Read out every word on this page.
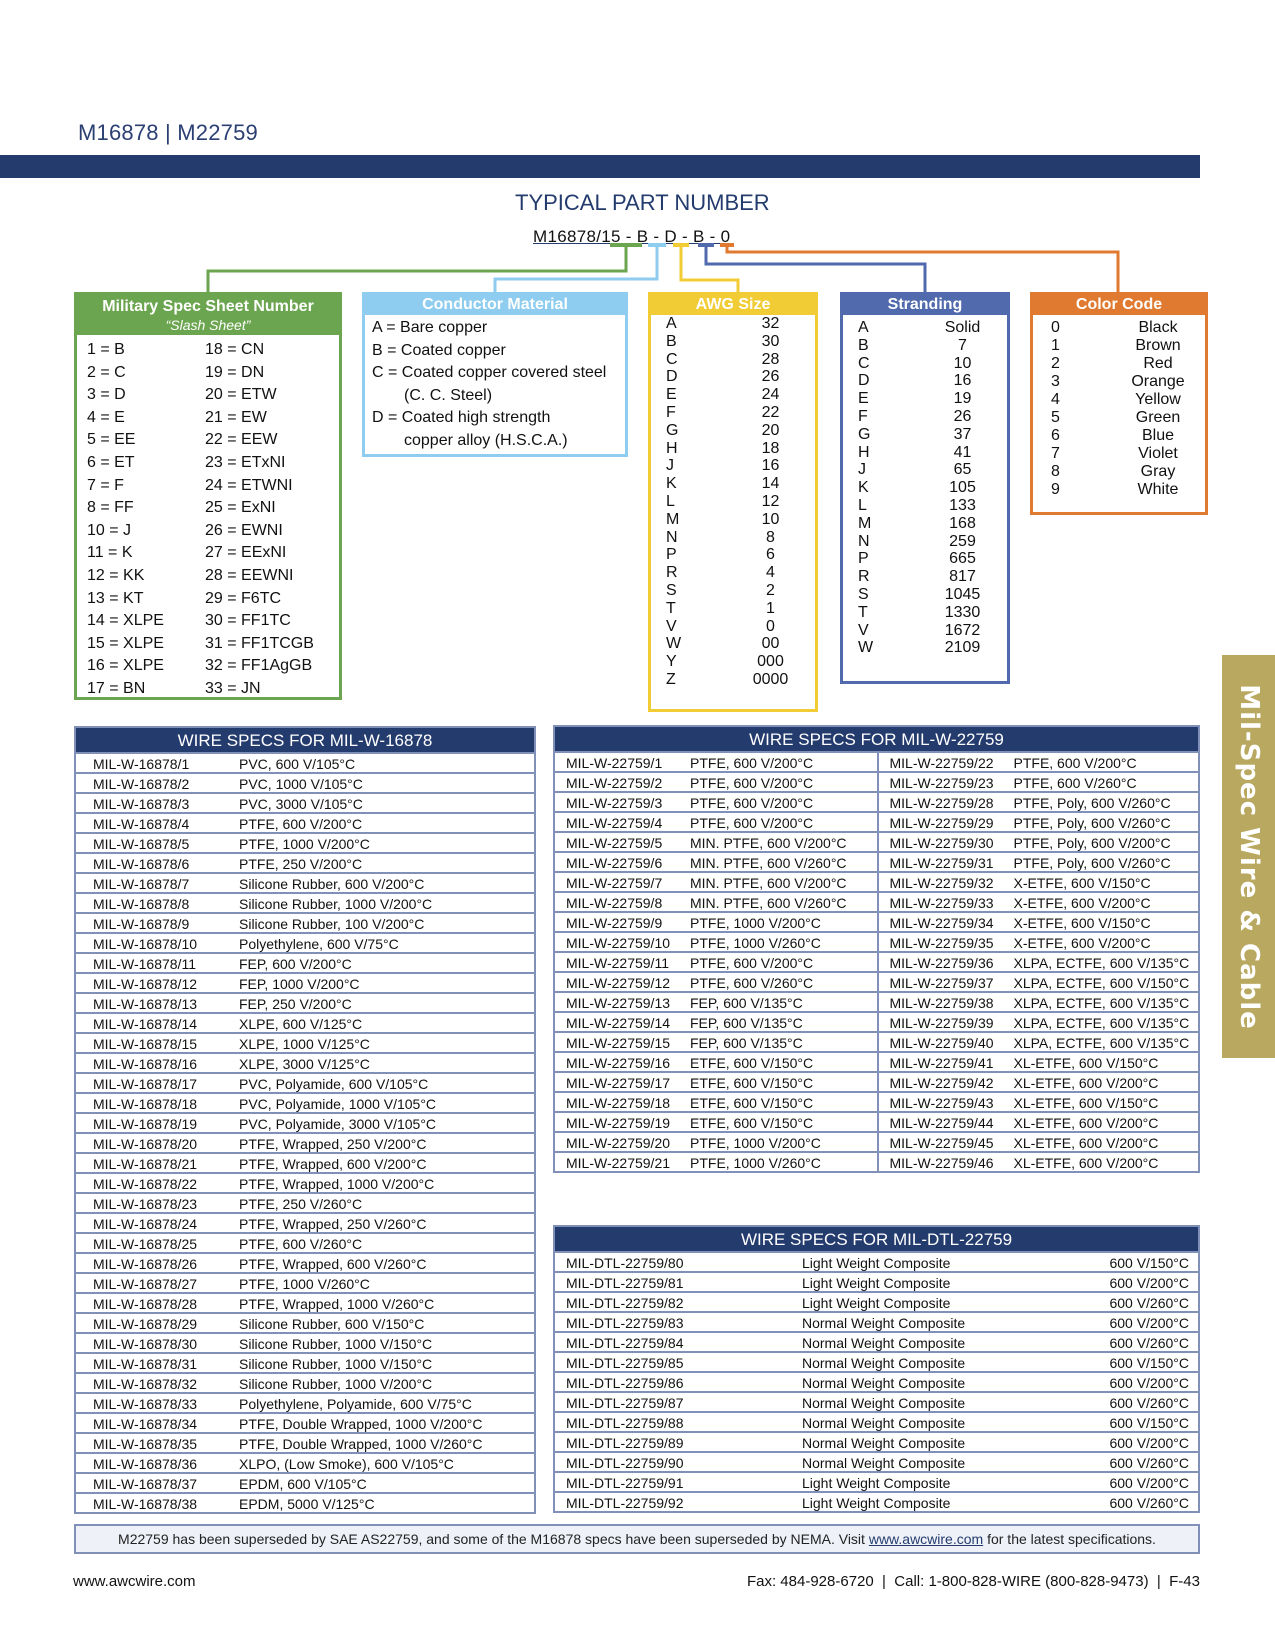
M16878 | M22759
TYPICAL PART NUMBER
M16878/15 - B - D - B - 0
Military Spec Sheet Number
“Slash Sheet”
1 = B	18 = CN
2 = C	19 = DN
3 = D	20 = ETW
4 = E	21 = EW
5 = EE	22 = EEW
6 = ET	23 = ETxNI
7 = F	24 = ETWNI
8 = FF	25 = ExNI
10 = J	26 = EWNI
11 = K	27 = EExNI
12 = KK	28 = EEWNI
13 = KT	29 = F6TC
14 = XLPE	30 = FF1TC
15 = XLPE	31 = FF1TCGB
16 = XLPE	32 = FF1AgGB
17 = BN	33 = JN
Conductor Material
A = Bare copper
B = Coated copper
C = Coated copper covered steel
(C. C. Steel)
D = Coated high strength
copper alloy (H.S.C.A.)
AWG Size
A	32
B	30
C	28
D	26
E	24
F	22
G	20
H	18
J	16
K	14
L	12
M	10
N	8
P	6
R	4
S	2
T	1
V	0
W	00
Y	000
Z	0000
Stranding
A	Solid
B	7
C	10
D	16
E	19
F	26
G	37
H	41
J	65
K	105
L	133
M	168
N	259
P	665
R	817
S	1045
T	1330
V	1672
W	2109
Color Code
0	Black
1	Brown
2	Red
3	Orange
4	Yellow
5	Green
6	Blue
7	Violet
8	Gray
9	White
WIRE SPECS FOR MIL-W-16878
MIL-W-16878/1	PVC, 600 V/105°C
MIL-W-16878/2	PVC, 1000 V/105°C
MIL-W-16878/3	PVC, 3000 V/105°C
MIL-W-16878/4	PTFE, 600 V/200°C
MIL-W-16878/5	PTFE, 1000 V/200°C
MIL-W-16878/6	PTFE, 250 V/200°C
MIL-W-16878/7	Silicone Rubber, 600 V/200°C
MIL-W-16878/8	Silicone Rubber, 1000 V/200°C
MIL-W-16878/9	Silicone Rubber, 100 V/200°C
MIL-W-16878/10	Polyethylene, 600 V/75°C
MIL-W-16878/11	FEP, 600 V/200°C
MIL-W-16878/12	FEP, 1000 V/200°C
MIL-W-16878/13	FEP, 250 V/200°C
MIL-W-16878/14	XLPE, 600 V/125°C
MIL-W-16878/15	XLPE, 1000 V/125°C
MIL-W-16878/16	XLPE, 3000 V/125°C
MIL-W-16878/17	PVC, Polyamide, 600 V/105°C
MIL-W-16878/18	PVC, Polyamide, 1000 V/105°C
MIL-W-16878/19	PVC, Polyamide, 3000 V/105°C
MIL-W-16878/20	PTFE, Wrapped, 250 V/200°C
MIL-W-16878/21	PTFE, Wrapped, 600 V/200°C
MIL-W-16878/22	PTFE, Wrapped, 1000 V/200°C
MIL-W-16878/23	PTFE, 250 V/260°C
MIL-W-16878/24	PTFE, Wrapped, 250 V/260°C
MIL-W-16878/25	PTFE, 600 V/260°C
MIL-W-16878/26	PTFE, Wrapped, 600 V/260°C
MIL-W-16878/27	PTFE, 1000 V/260°C
MIL-W-16878/28	PTFE, Wrapped, 1000 V/260°C
MIL-W-16878/29	Silicone Rubber, 600 V/150°C
MIL-W-16878/30	Silicone Rubber, 1000 V/150°C
MIL-W-16878/31	Silicone Rubber, 1000 V/150°C
MIL-W-16878/32	Silicone Rubber, 1000 V/200°C
MIL-W-16878/33	Polyethylene, Polyamide, 600 V/75°C
MIL-W-16878/34	PTFE, Double Wrapped, 1000 V/200°C
MIL-W-16878/35	PTFE, Double Wrapped, 1000 V/260°C
MIL-W-16878/36	XLPO, (Low Smoke), 600 V/105°C
MIL-W-16878/37	EPDM, 600 V/105°C
MIL-W-16878/38	EPDM, 5000 V/125°C
WIRE SPECS FOR MIL-W-22759
MIL-W-22759/1	PTFE, 600 V/200°C	MIL-W-22759/22	PTFE, 600 V/200°C
MIL-W-22759/2	PTFE, 600 V/200°C	MIL-W-22759/23	PTFE, 600 V/260°C
MIL-W-22759/3	PTFE, 600 V/200°C	MIL-W-22759/28	PTFE, Poly, 600 V/260°C
MIL-W-22759/4	PTFE, 600 V/200°C	MIL-W-22759/29	PTFE, Poly, 600 V/260°C
MIL-W-22759/5	MIN. PTFE, 600 V/200°C	MIL-W-22759/30	PTFE, Poly, 600 V/200°C
MIL-W-22759/6	MIN. PTFE, 600 V/260°C	MIL-W-22759/31	PTFE, Poly, 600 V/260°C
MIL-W-22759/7	MIN. PTFE, 600 V/200°C	MIL-W-22759/32	X-ETFE, 600 V/150°C
MIL-W-22759/8	MIN. PTFE, 600 V/260°C	MIL-W-22759/33	X-ETFE, 600 V/200°C
MIL-W-22759/9	PTFE, 1000 V/200°C	MIL-W-22759/34	X-ETFE, 600 V/150°C
MIL-W-22759/10	PTFE, 1000 V/260°C	MIL-W-22759/35	X-ETFE, 600 V/200°C
MIL-W-22759/11	PTFE, 600 V/200°C	MIL-W-22759/36	XLPA, ECTFE, 600 V/135°C
MIL-W-22759/12	PTFE, 600 V/260°C	MIL-W-22759/37	XLPA, ECTFE, 600 V/150°C
MIL-W-22759/13	FEP, 600 V/135°C	MIL-W-22759/38	XLPA, ECTFE, 600 V/135°C
MIL-W-22759/14	FEP, 600 V/135°C	MIL-W-22759/39	XLPA, ECTFE, 600 V/135°C
MIL-W-22759/15	FEP, 600 V/135°C	MIL-W-22759/40	XLPA, ECTFE, 600 V/135°C
MIL-W-22759/16	ETFE, 600 V/150°C	MIL-W-22759/41	XL-ETFE, 600 V/150°C
MIL-W-22759/17	ETFE, 600 V/150°C	MIL-W-22759/42	XL-ETFE, 600 V/200°C
MIL-W-22759/18	ETFE, 600 V/150°C	MIL-W-22759/43	XL-ETFE, 600 V/150°C
MIL-W-22759/19	ETFE, 600 V/150°C	MIL-W-22759/44	XL-ETFE, 600 V/200°C
MIL-W-22759/20	PTFE, 1000 V/200°C	MIL-W-22759/45	XL-ETFE, 600 V/200°C
MIL-W-22759/21	PTFE, 1000 V/260°C	MIL-W-22759/46	XL-ETFE, 600 V/200°C
WIRE SPECS FOR MIL-DTL-22759
MIL-DTL-22759/80	Light Weight Composite	600 V/150°C
MIL-DTL-22759/81	Light Weight Composite	600 V/200°C
MIL-DTL-22759/82	Light Weight Composite	600 V/260°C
MIL-DTL-22759/83	Normal Weight Composite	600 V/200°C
MIL-DTL-22759/84	Normal Weight Composite	600 V/260°C
MIL-DTL-22759/85	Normal Weight Composite	600 V/150°C
MIL-DTL-22759/86	Normal Weight Composite	600 V/200°C
MIL-DTL-22759/87	Normal Weight Composite	600 V/260°C
MIL-DTL-22759/88	Normal Weight Composite	600 V/150°C
MIL-DTL-22759/89	Normal Weight Composite	600 V/200°C
MIL-DTL-22759/90	Normal Weight Composite	600 V/260°C
MIL-DTL-22759/91	Light Weight Composite	600 V/200°C
MIL-DTL-22759/92	Light Weight Composite	600 V/260°C
M22759 has been superseded by SAE AS22759, and some of the M16878 specs have been superseded by NEMA. Visit www.awcwire.com for the latest specifications.
www.awcwire.com	Fax: 484-928-6720  |  Call: 1-800-828-WIRE (800-828-9473)  |  F-43
Mil-Spec Wire & Cable
